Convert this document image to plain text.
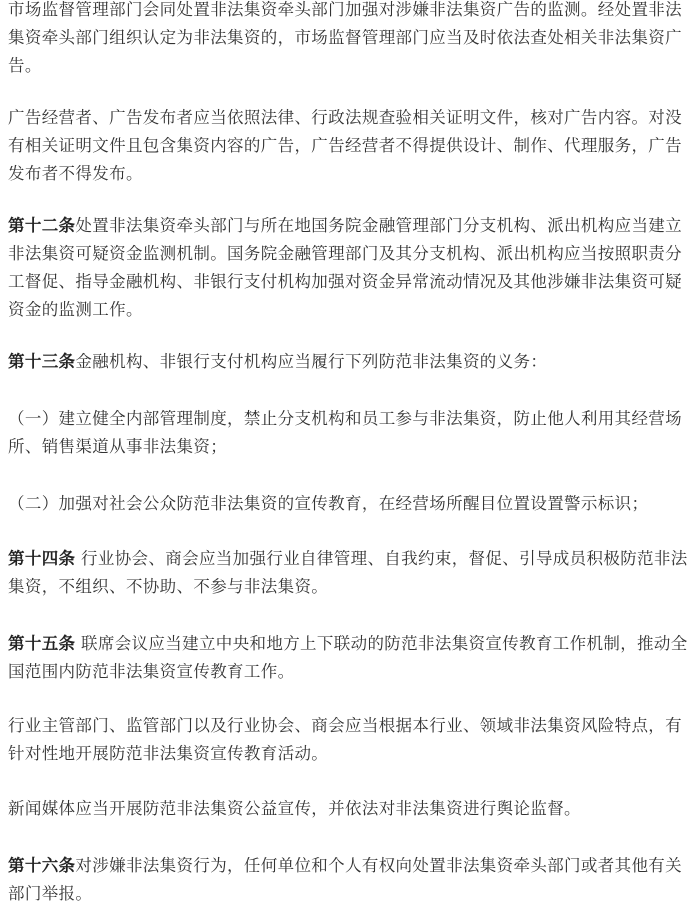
市场监督管理部门会同处置非法集资牵头部门加强对涉嫌非法集资广告的监测。经处置非法集资牵头部门组织认定为非法集资的，市场监督管理部门应当及时依法查处相关非法集资广告。

广告经营者、广告发布者应当依照法律、行政法规查验相关证明文件，核对广告内容。对没有相关证明文件且包含集资内容的广告，广告经营者不得提供设计、制作、代理服务，广告发布者不得发布。

第十二条处置非法集资牵头部门与所在地国务院金融管理部门分支机构、派出机构应当建立非法集资可疑资金监测机制。国务院金融管理部门及其分支机构、派出机构应当按照职责分工督促、指导金融机构、非银行支付机构加强对资金异常流动情况及其他涉嫌非法集资可疑资金的监测工作。

第十三条金融机构、非银行支付机构应当履行下列防范非法集资的义务：

（一）建立健全内部管理制度，禁止分支机构和员工参与非法集资，防止他人利用其经营场所、销售渠道从事非法集资；

（二）加强对社会公众防范非法集资的宣传教育，在经营场所醒目位置设置警示标识；

第十四条 行业协会、商会应当加强行业自律管理、自我约束，督促、引导成员积极防范非法集资，不组织、不协助、不参与非法集资。

第十五条 联席会议应当建立中央和地方上下联动的防范非法集资宣传教育工作机制，推动全国范围内防范非法集资宣传教育工作。

行业主管部门、监管部门以及行业协会、商会应当根据本行业、领域非法集资风险特点，有针对性地开展防范非法集资宣传教育活动。

新闻媒体应当开展防范非法集资公益宣传，并依法对非法集资进行舆论监督。

第十六条对涉嫌非法集资行为，任何单位和个人有权向处置非法集资牵头部门或者其他有关部门举报。
